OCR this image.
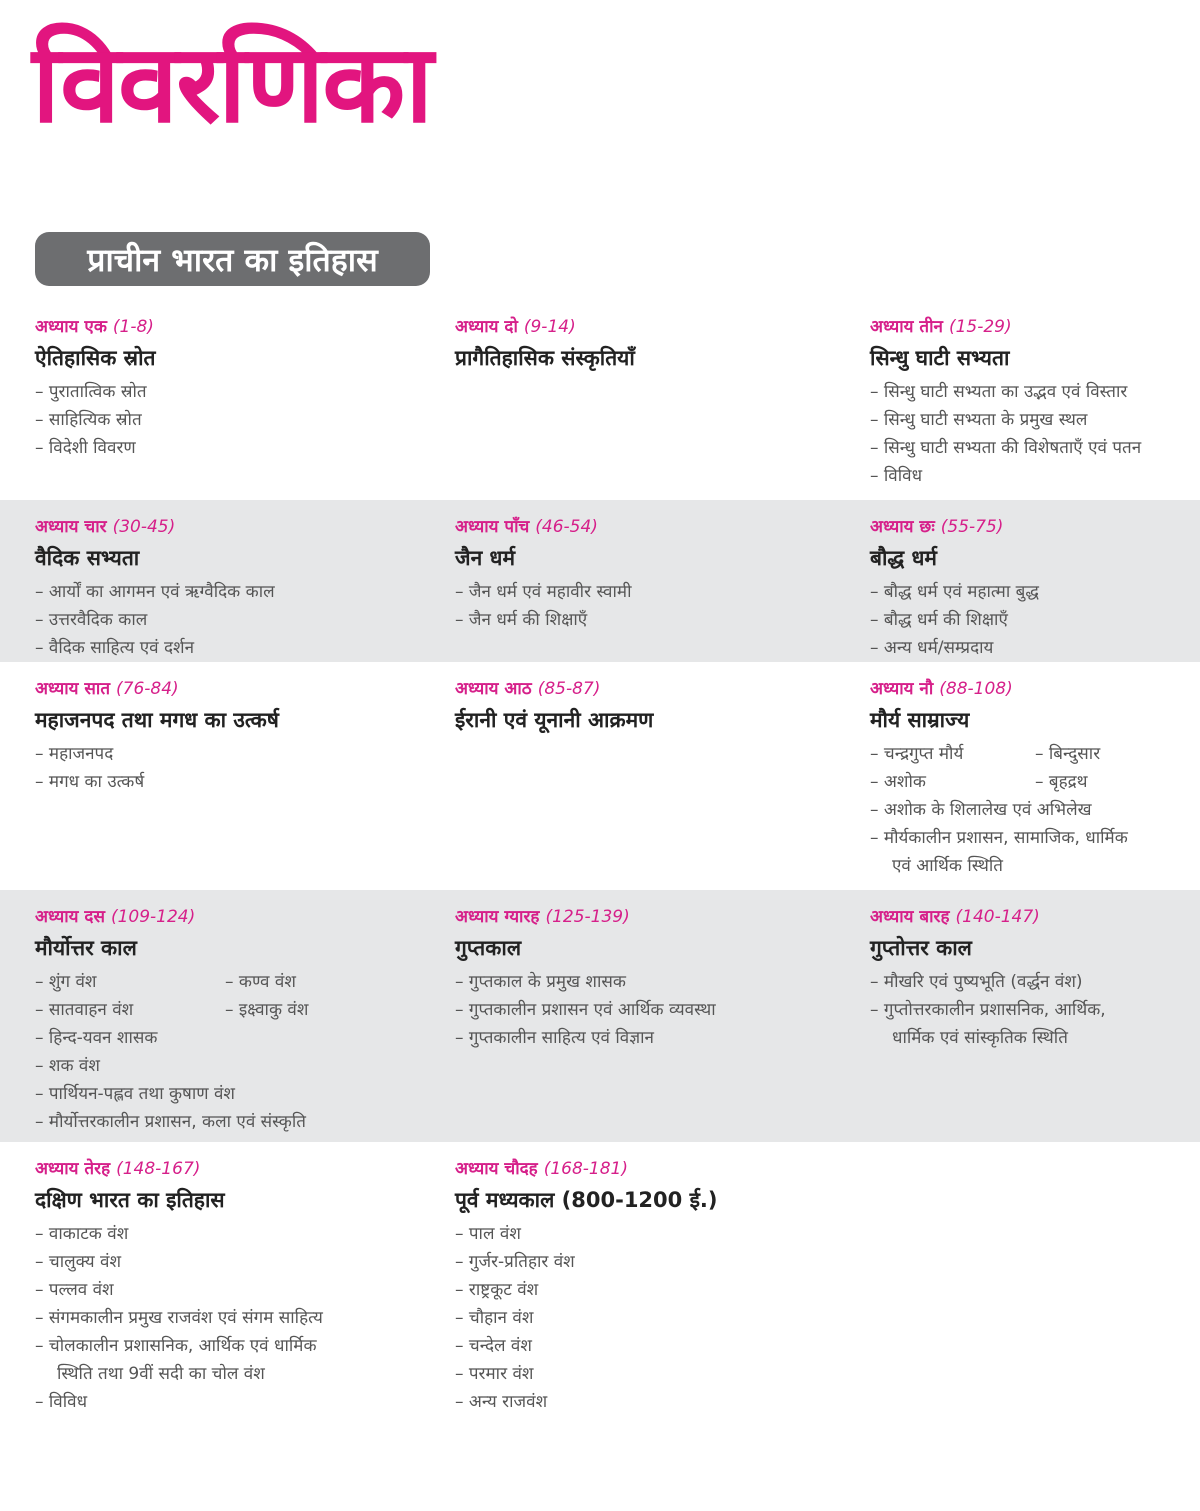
विवरणिका
प्राचीन भारत का इतिहास
अध्याय एक (1-8)
ऐतिहासिक स्रोत
– पुरातात्विक स्रोत
– साहित्यिक स्रोत
– विदेशी विवरण
अध्याय दो (9-14)
प्रागैतिहासिक संस्कृतियाँ
अध्याय तीन (15-29)
सिन्धु घाटी सभ्यता
– सिन्धु घाटी सभ्यता का उद्भव एवं विस्तार
– सिन्धु घाटी सभ्यता के प्रमुख स्थल
– सिन्धु घाटी सभ्यता की विशेषताएँ एवं पतन
– विविध
अध्याय चार (30-45)
वैदिक सभ्यता
– आर्यों का आगमन एवं ऋग्वैदिक काल
– उत्तरवैदिक काल
– वैदिक साहित्य एवं दर्शन
अध्याय पाँच (46-54)
जैन धर्म
– जैन धर्म एवं महावीर स्वामी
– जैन धर्म की शिक्षाएँ
अध्याय छः (55-75)
बौद्ध धर्म
– बौद्ध धर्म एवं महात्मा बुद्ध
– बौद्ध धर्म की शिक्षाएँ
– अन्य धर्म/सम्प्रदाय
अध्याय सात (76-84)
महाजनपद तथा मगध का उत्कर्ष
– महाजनपद
– मगध का उत्कर्ष
अध्याय आठ (85-87)
ईरानी एवं यूनानी आक्रमण
अध्याय नौ (88-108)
मौर्य साम्राज्य
– चन्द्रगुप्त मौर्य	– बिन्दुसार
– अशोक	– बृहद्रथ
– अशोक के शिलालेख एवं अभिलेख
– मौर्यकालीन प्रशासन, सामाजिक, धार्मिक
एवं आर्थिक स्थिति
अध्याय दस (109-124)
मौर्योत्तर काल
– शुंग वंश	– कण्व वंश
– सातवाहन वंश	– इक्ष्वाकु वंश
– हिन्द-यवन शासक
– शक वंश
– पार्थियन-पह्लव तथा कुषाण वंश
– मौर्योत्तरकालीन प्रशासन, कला एवं संस्कृति
अध्याय ग्यारह (125-139)
गुप्तकाल
– गुप्तकाल के प्रमुख शासक
– गुप्तकालीन प्रशासन एवं आर्थिक व्यवस्था
– गुप्तकालीन साहित्य एवं विज्ञान
अध्याय बारह (140-147)
गुप्तोत्तर काल
– मौखरि एवं पुष्यभूति (वर्द्धन वंश)
– गुप्तोत्तरकालीन प्रशासनिक, आर्थिक,
धार्मिक एवं सांस्कृतिक स्थिति
अध्याय तेरह (148-167)
दक्षिण भारत का इतिहास
– वाकाटक वंश
– चालुक्य वंश
– पल्लव वंश
– संगमकालीन प्रमुख राजवंश एवं संगम साहित्य
– चोलकालीन प्रशासनिक, आर्थिक एवं धार्मिक
स्थिति तथा 9वीं सदी का चोल वंश
– विविध
अध्याय चौदह (168-181)
पूर्व मध्यकाल (800-1200 ई.)
– पाल वंश
– गुर्जर-प्रतिहार वंश
– राष्ट्रकूट वंश
– चौहान वंश
– चन्देल वंश
– परमार वंश
– अन्य राजवंश
